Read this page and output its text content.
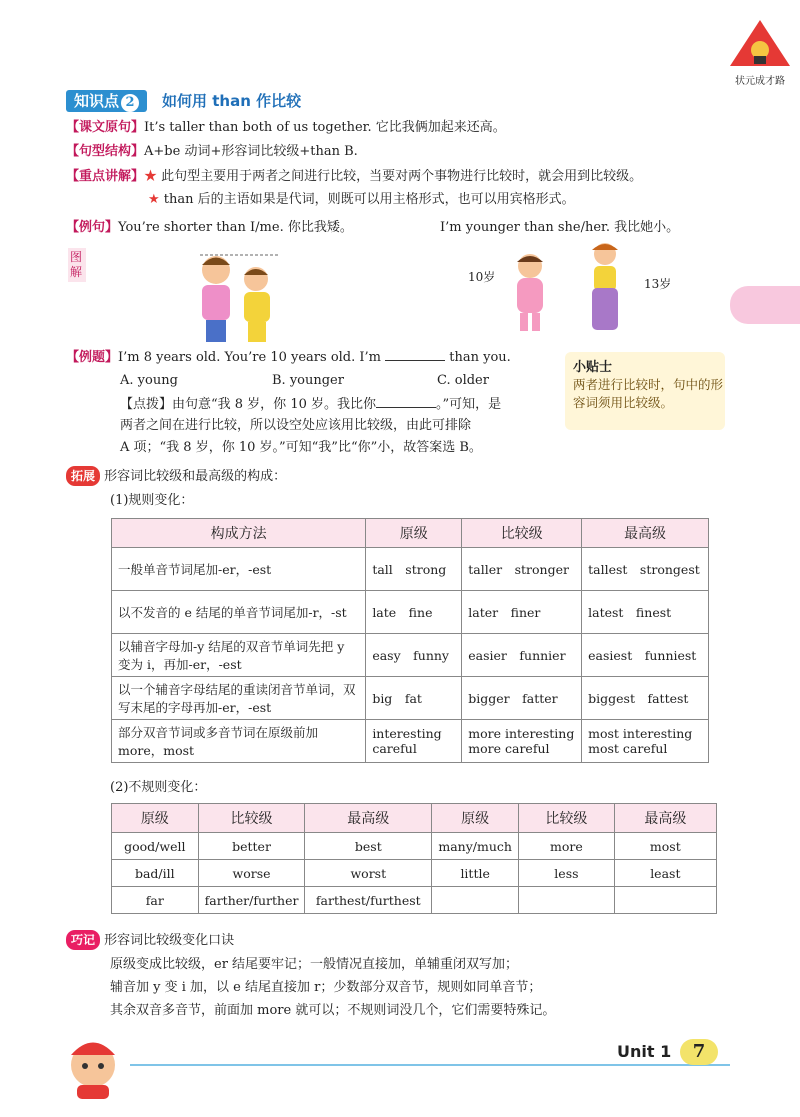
状元成才路
知识点 2	如何用 than 作比较
【课文原句】It’s taller than both of us together. 它比我俩加起来还高。
【句型结构】A+be 动词+形容词比较级+than B.
【重点讲解】★ 此句型主要用于两者之间进行比较，当要对两个事物进行比较时，就会用到比较级。
★ than 后的主语如果是代词，则既可以用主格形式，也可以用宾格形式。
【例句】You’re shorter than I/me. 你比我矮。	I’m younger than she/her. 我比她小。
图解	10岁	13岁
【例题】I’m 8 years old. You’re 10 years old. I’m	than you.
A. young	B. younger	C. older
【点拨】由句意“我 8 岁，你 10 岁。我比你	。”可知，是
两者之间在进行比较，所以设空处应该用比较级，由此可排除
A 项；“我 8 岁，你 10 岁。”可知“我”比“你”小，故答案选 B。
小贴士
两者进行比较时，句中的形容词须用比较级。
拓展 形容词比较级和最高级的构成：
(1)规则变化：
构成方法	原级	比较级	最高级
一般单音节词尾加-er，-est	tall　strong	taller　stronger	tallest　strongest
以不发音的 e 结尾的单音节词尾加-r，-st	late　fine	later　finer	latest　finest
以辅音字母加-y 结尾的双音节单词先把 y 变为 i，再加-er，-est	easy　funny	easier　funnier	easiest　funniest
以一个辅音字母结尾的重读闭音节单词，双写末尾的字母再加-er，-est	big　fat	bigger　fatter	biggest　fattest
部分双音节词或多音节词在原级前加 more，most	interesting careful	more interesting more careful	most interesting most careful
(2)不规则变化：
原级	比较级	最高级	原级	比较级	最高级
good/well	better	best	many/much	more	most
bad/ill	worse	worst	little	less	least
far	farther/further	farthest/furthest			
巧记 形容词比较级变化口诀
原级变成比较级，er 结尾要牢记；一般情况直接加，单辅重闭双写加；
辅音加 y 变 i 加，以 e 结尾直接加 r；少数部分双音节，规则如同单音节；
其余双音多音节，前面加 more 就可以；不规则词没几个，它们需要特殊记。
Unit 1	7
